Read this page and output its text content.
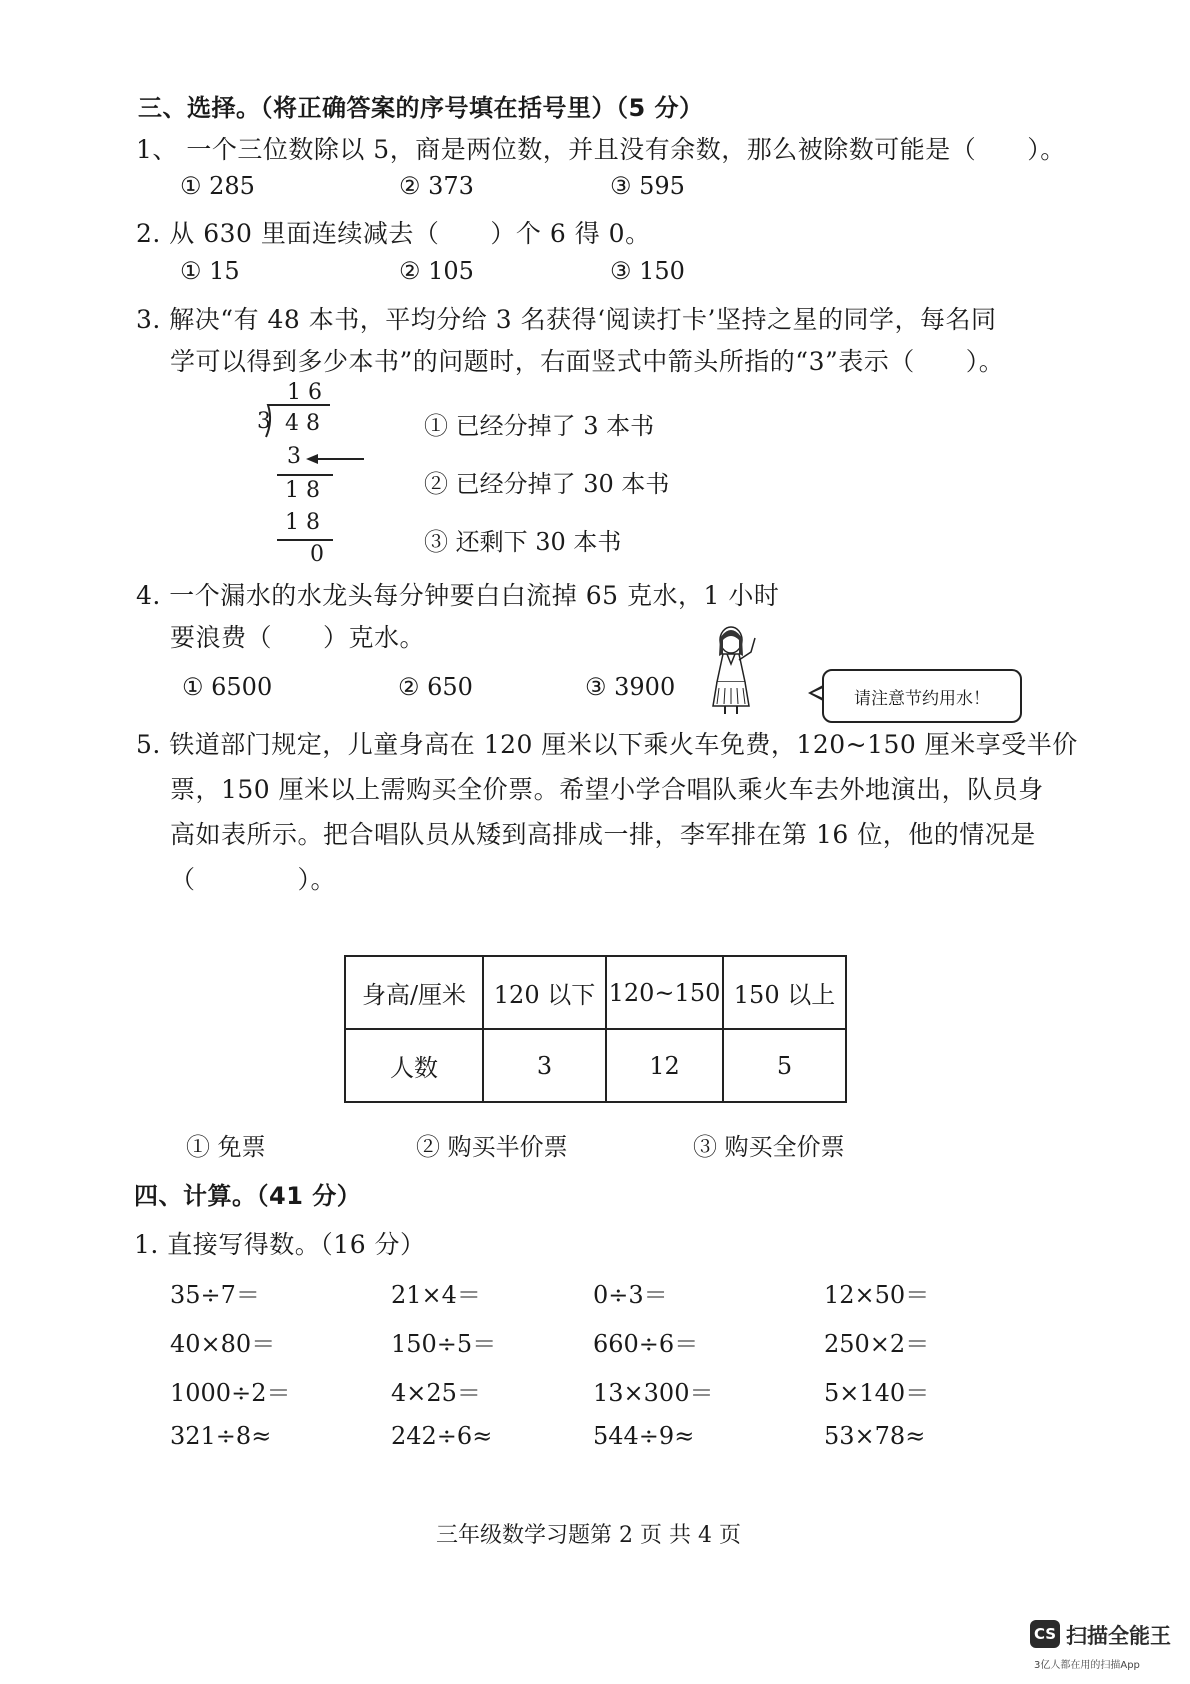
三、选择。（将正确答案的序号填在括号里）（5 分）
1、 一个三位数除以 5，商是两位数，并且没有余数，那么被除数可能是（　　）。
① 285	② 373	③ 595
2. 从 630 里面连续减去（　　）个 6 得 0。
① 15	② 105	③ 150
3. 解决“有 48 本书，平均分给 3 名获得‘阅读打卡’坚持之星的同学，每名同
学可以得到多少本书”的问题时，右面竖式中箭头所指的“3”表示（　　）。
1 6
3 4 8
3
1 8
1 8
0
① 已经分掉了 3 本书
② 已经分掉了 30 本书
③ 还剩下 30 本书
4. 一个漏水的水龙头每分钟要白白流掉 65 克水，1 小时
要浪费（　　）克水。
① 6500	② 650	③ 3900	请注意节约用水！
5. 铁道部门规定，儿童身高在 120 厘米以下乘火车免费，120~150 厘米享受半价
票，150 厘米以上需购买全价票。希望小学合唱队乘火车去外地演出，队员身
高如表所示。把合唱队员从矮到高排成一排，李军排在第 16 位，他的情况是
（　　　　）。
身高/厘米	120 以下	120~150	150 以上
人数	3	12	5
① 免票	② 购买半价票	③ 购买全价票
四、计算。（41 分）
1. 直接写得数。（16 分）
35÷7＝	21×4＝	0÷3＝	12×50＝
40×80＝	150÷5＝	660÷6＝	250×2＝
1000÷2＝	4×25＝	13×300＝	5×140＝
321÷8≈	242÷6≈	544÷9≈	53×78≈
三年级数学习题第 2 页 共 4 页
CS 扫描全能王
3亿人都在用的扫描App
